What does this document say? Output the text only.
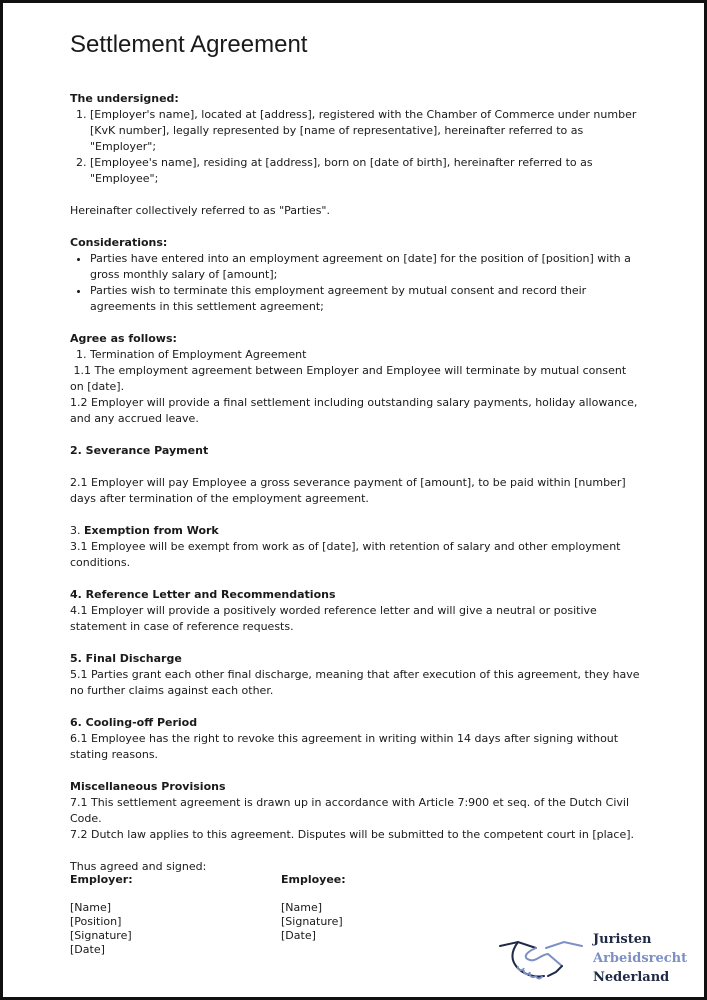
Settlement Agreement

The undersigned:

1. [Employer's name], located at [address], registered with the Chamber of Commerce under number [KvK number], legally represented by [name of representative], hereinafter referred to as "Employer";
2. [Employee's name], residing at [address], born on [date of birth], hereinafter referred to as "Employee";

Hereinafter collectively referred to as "Parties".

Considerations:

• Parties have entered into an employment agreement on [date] for the position of [position] with a gross monthly salary of [amount];
• Parties wish to terminate this employment agreement by mutual consent and record their agreements in this settlement agreement;

Agree as follows:

1. Termination of Employment Agreement

1.1 The employment agreement between Employer and Employee will terminate by mutual consent on [date].

1.2 Employer will provide a final settlement including outstanding salary payments, holiday allowance, and any accrued leave.

2. Severance Payment

2.1 Employer will pay Employee a gross severance payment of [amount], to be paid within [number] days after termination of the employment agreement.

3. Exemption from Work

3.1 Employee will be exempt from work as of [date], with retention of salary and other employment conditions.

4. Reference Letter and Recommendations

4.1 Employer will provide a positively worded reference letter and will give a neutral or positive statement in case of reference requests.

5. Final Discharge

5.1 Parties grant each other final discharge, meaning that after execution of this agreement, they have no further claims against each other.

6. Cooling-off Period

6.1 Employee has the right to revoke this agreement in writing within 14 days after signing without stating reasons.

Miscellaneous Provisions

7.1 This settlement agreement is drawn up in accordance with Article 7:900 et seq. of the Dutch Civil Code.

7.2 Dutch law applies to this agreement. Disputes will be submitted to the competent court in [place].

Thus agreed and signed:

Employer:

[Name]
[Position]
[Signature]
[Date]

Employee:

[Name]
[Signature]
[Date]	Juristen
Arbeidsrecht
Nederland
